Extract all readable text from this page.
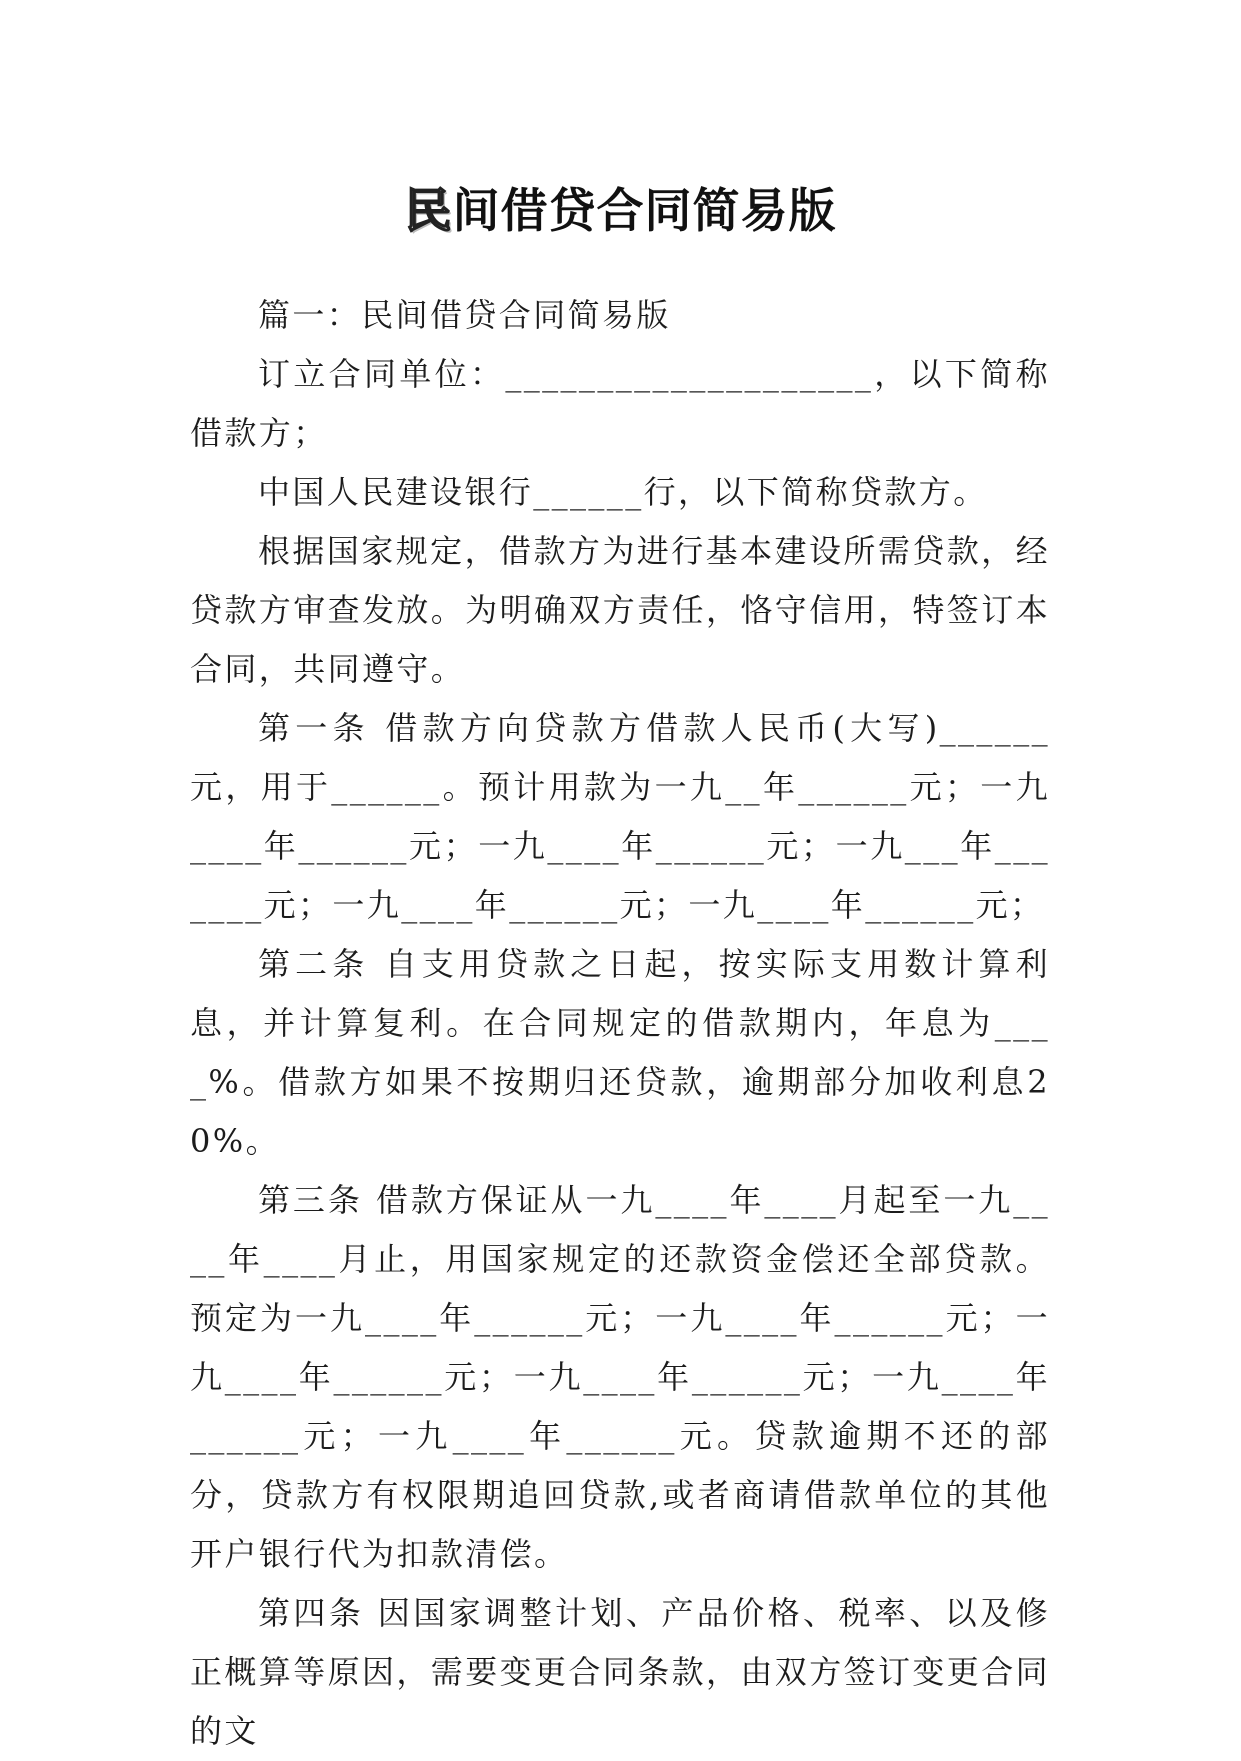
民间借贷合同简易版

篇一：民间借贷合同简易版

订立合同单位：____________________，以下简称借款方；

中国人民建设银行______行，以下简称贷款方。

根据国家规定，借款方为进行基本建设所需贷款，经贷款方审查发放。为明确双方责任，恪守信用，特签订本合同，共同遵守。

第一条 借款方向贷款方借款人民币(大写)______元，用于______。预计用款为一九__年______元；一九____年______元；一九____年______元；一九___年_______元；一九____年______元；一九____年______元；

第二条 自支用贷款之日起，按实际支用数计算利息，并计算复利。在合同规定的借款期内，年息为____%。借款方如果不按期归还贷款，逾期部分加收利息20%。

第三条 借款方保证从一九____年____月起至一九____年____月止，用国家规定的还款资金偿还全部贷款。预定为一九____年______元；一九____年______元；一九____年______元；一九____年______元；一九____年______元；一九____年______元。贷款逾期不还的部分，贷款方有权限期追回贷款,或者商请借款单位的其他开户银行代为扣款清偿。

第四条 因国家调整计划、产品价格、税率、以及修正概算等原因，需要变更合同条款，由双方签订变更合同的文
